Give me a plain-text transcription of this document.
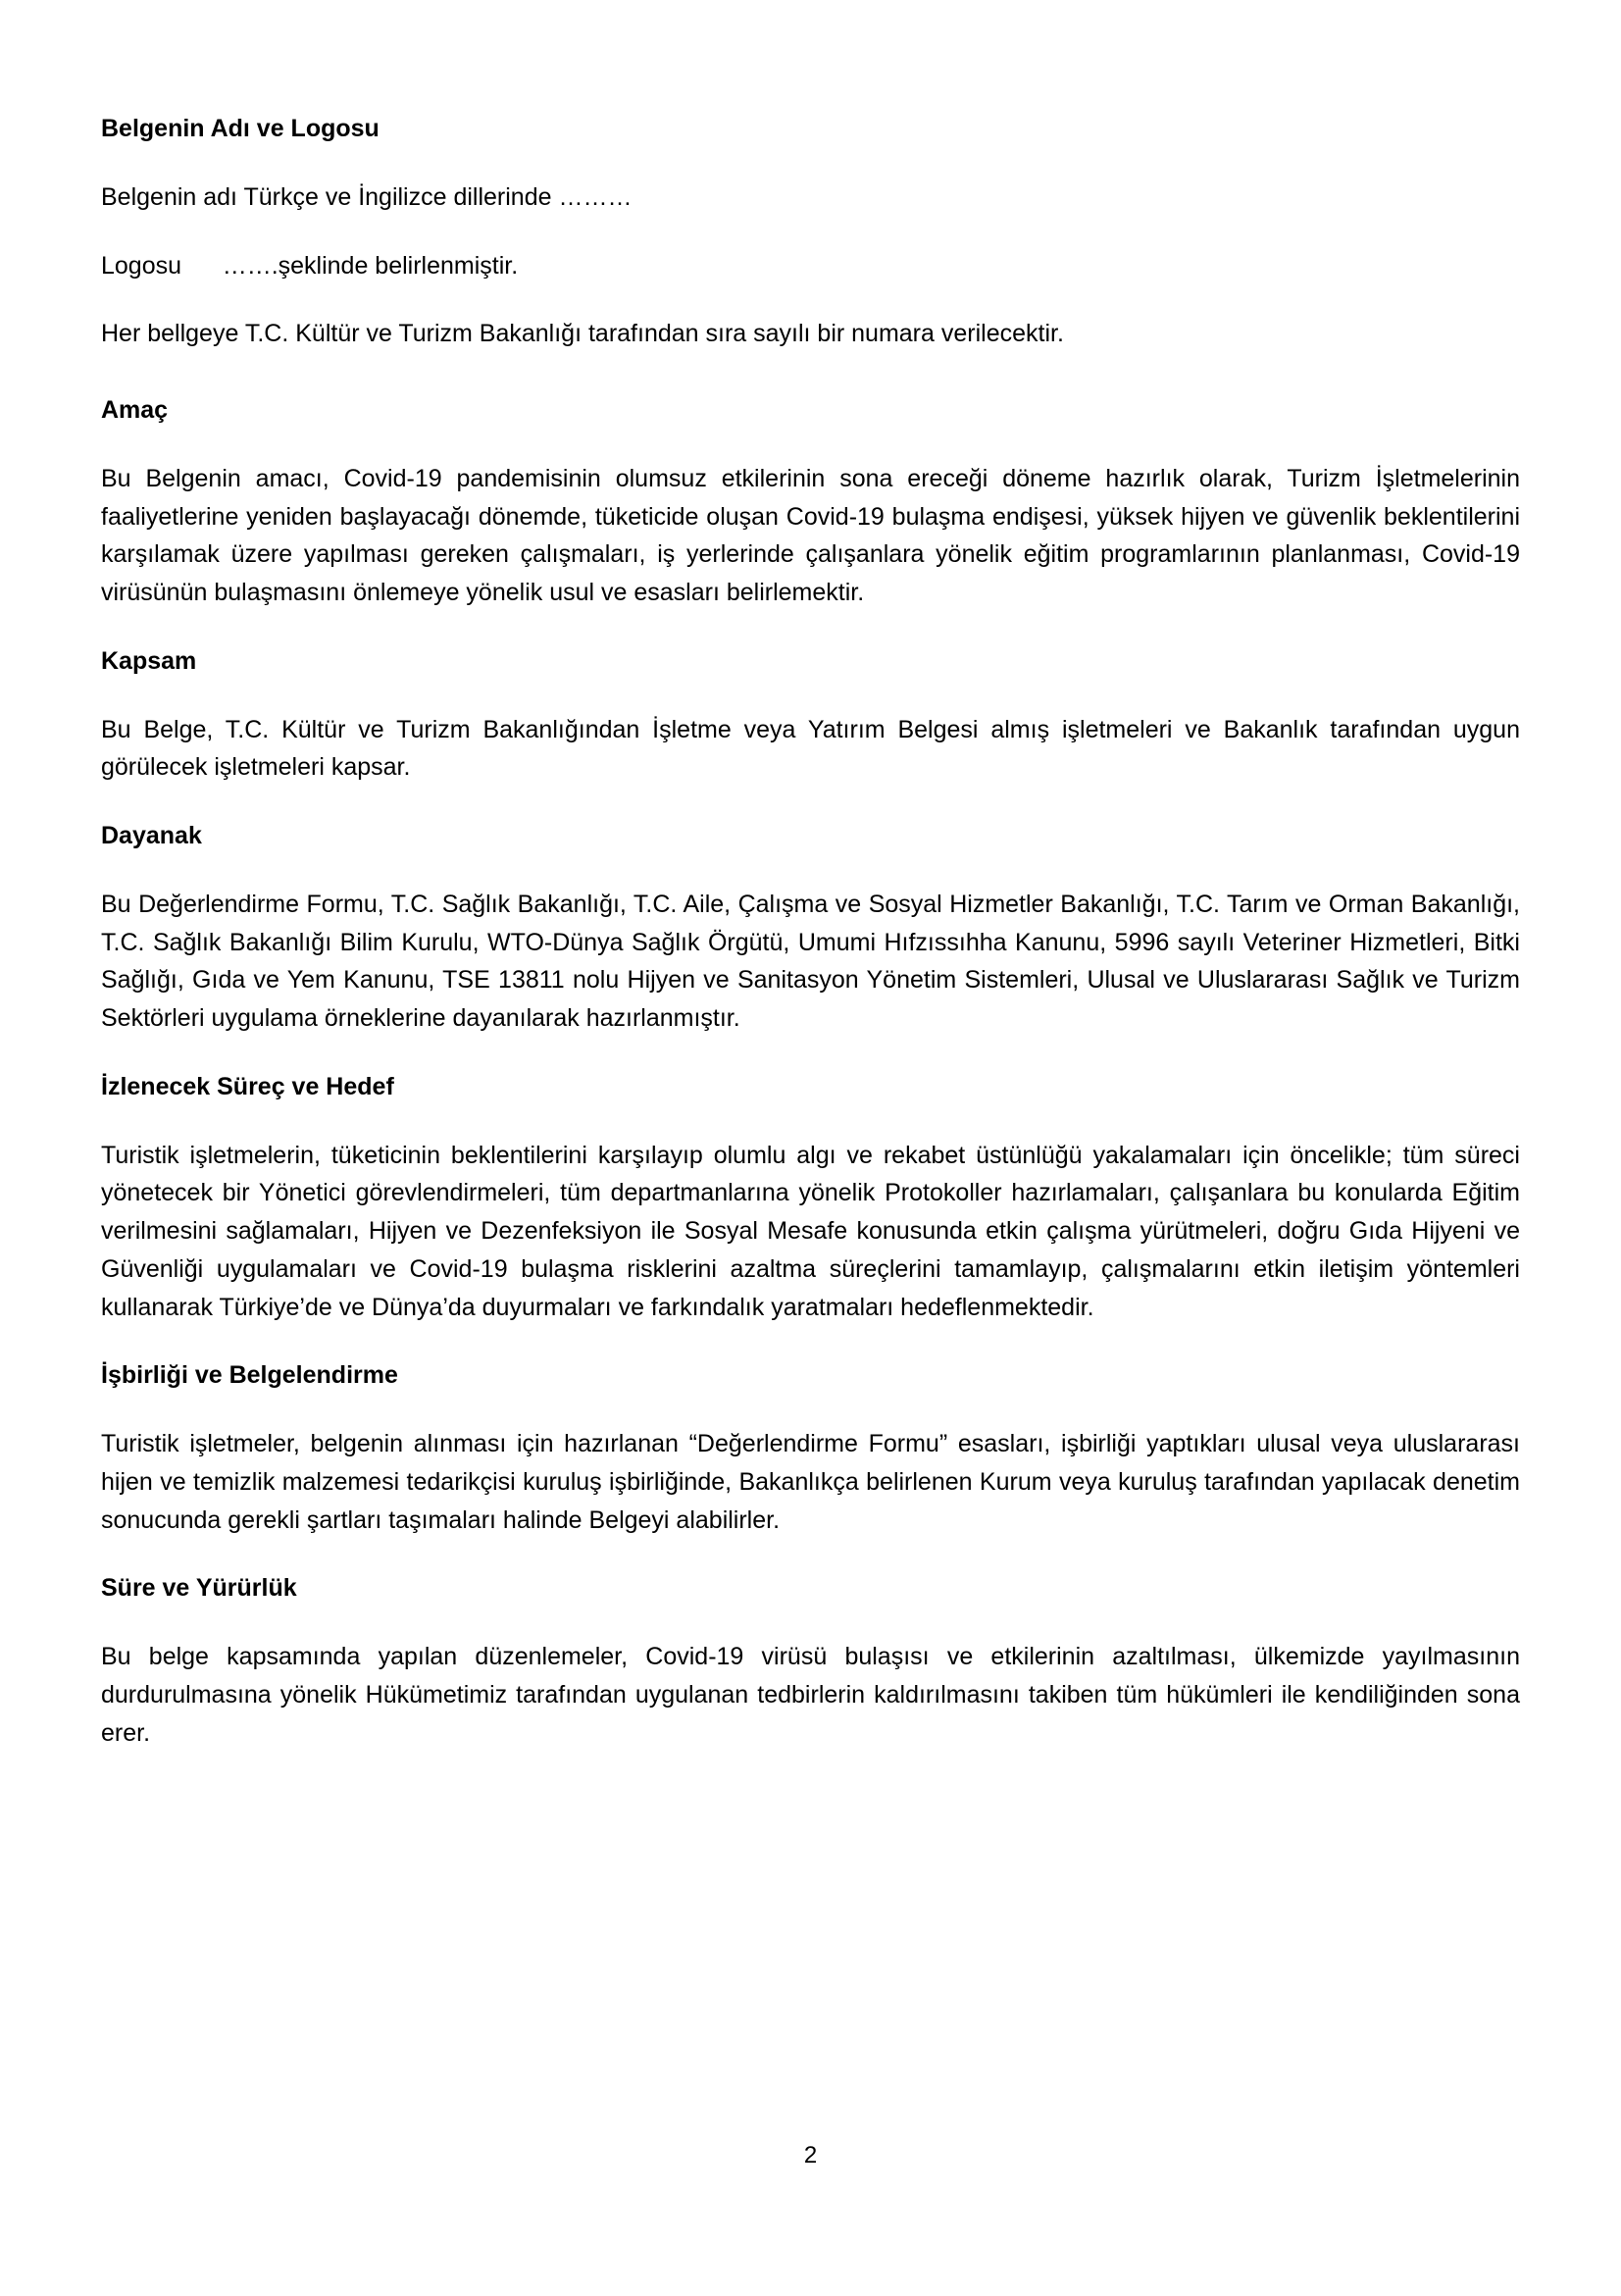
Belgenin Adı ve Logosu

Belgenin adı Türkçe ve İngilizce dillerinde ………

Logosu      …….şeklinde belirlenmiştir.

Her bellgeye T.C. Kültür ve Turizm Bakanlığı tarafından sıra sayılı bir numara verilecektir.

Amaç

Bu Belgenin amacı, Covid-19 pandemisinin olumsuz etkilerinin sona ereceği döneme hazırlık olarak, Turizm İşletmelerinin faaliyetlerine yeniden başlayacağı dönemde, tüketicide oluşan Covid-19 bulaşma endişesi, yüksek hijyen ve güvenlik beklentilerini karşılamak üzere yapılması gereken çalışmaları, iş yerlerinde çalışanlara yönelik eğitim programlarının planlanması, Covid-19 virüsünün bulaşmasını önlemeye yönelik usul ve esasları belirlemektir.

Kapsam

Bu Belge, T.C. Kültür ve Turizm Bakanlığından İşletme veya Yatırım Belgesi almış işletmeleri ve Bakanlık tarafından uygun görülecek işletmeleri kapsar.

Dayanak

Bu Değerlendirme Formu, T.C. Sağlık Bakanlığı, T.C. Aile, Çalışma ve Sosyal Hizmetler Bakanlığı, T.C. Tarım ve Orman Bakanlığı, T.C. Sağlık Bakanlığı Bilim Kurulu, WTO-Dünya Sağlık Örgütü, Umumi Hıfzıssıhha Kanunu, 5996 sayılı Veteriner Hizmetleri, Bitki Sağlığı, Gıda ve Yem Kanunu, TSE 13811 nolu Hijyen ve Sanitasyon Yönetim Sistemleri, Ulusal ve Uluslararası Sağlık ve Turizm Sektörleri uygulama örneklerine dayanılarak hazırlanmıştır.

İzlenecek Süreç ve Hedef

Turistik işletmelerin, tüketicinin beklentilerini karşılayıp olumlu algı ve rekabet üstünlüğü yakalamaları için öncelikle; tüm süreci yönetecek bir Yönetici görevlendirmeleri, tüm departmanlarına yönelik Protokoller hazırlamaları, çalışanlara bu konularda Eğitim verilmesini sağlamaları, Hijyen ve Dezenfeksiyon ile Sosyal Mesafe konusunda etkin çalışma yürütmeleri, doğru Gıda Hijyeni ve Güvenliği uygulamaları ve Covid-19 bulaşma risklerini azaltma süreçlerini tamamlayıp, çalışmalarını etkin iletişim yöntemleri kullanarak Türkiye’de ve Dünya’da duyurmaları ve farkındalık yaratmaları hedeflenmektedir.

İşbirliği ve Belgelendirme

Turistik işletmeler, belgenin alınması için hazırlanan “Değerlendirme Formu” esasları, işbirliği yaptıkları ulusal veya uluslararası hijen ve temizlik malzemesi tedarikçisi kuruluş işbirliğinde, Bakanlıkça belirlenen Kurum veya kuruluş tarafından yapılacak denetim sonucunda gerekli şartları taşımaları halinde Belgeyi alabilirler.

Süre ve Yürürlük

Bu belge kapsamında yapılan düzenlemeler, Covid-19 virüsü bulaşısı ve etkilerinin azaltılması, ülkemizde yayılmasının durdurulmasına yönelik Hükümetimiz tarafından uygulanan tedbirlerin kaldırılmasını takiben tüm hükümleri ile kendiliğinden sona erer.

2
